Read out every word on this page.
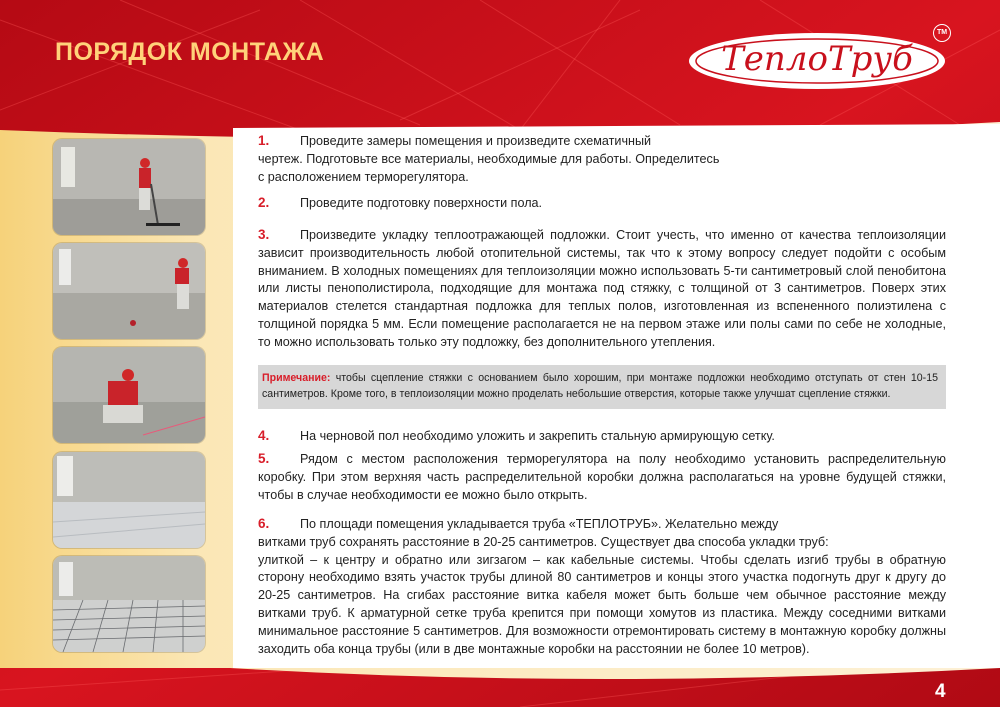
ПОРЯДОК МОНТАЖА	ТеплоТруб
TM
1. Проведите замеры помещения и произведите схематичный
чертеж. Подготовьте все материалы, необходимые для работы. Определитесь
с расположением терморегулятора.
2. Проведите подготовку поверхности пола.
3. Произведите укладку теплоотражающей подложки. Стоит учесть, что именно от качества теплоизоляции зависит производительность любой отопительной системы, так что к этому вопросу следует подойти с особым вниманием. В холодных помещениях для теплоизоляции можно использовать 5-ти сантиметровый слой пенобитона или листы пенополистирола, подходящие для монтажа под стяжку, с толщиной от 3 сантиметров. Поверх этих материалов стелется стандартная подложка для теплых полов, изготовленная из вспененного полиэтилена с толщиной порядка 5 мм. Если помещение располагается не на первом этаже или полы сами по себе не холодные, то можно использовать только эту подложку, без дополнительного утепления.
Примечание: чтобы сцепление стяжки с основанием было хорошим, при монтаже подложки необходимо отступать от стен 10-15 сантиметров. Кроме того, в теплоизоляции можно проделать небольшие отверстия, которые также улучшат сцепление стяжки.
4. На черновой пол необходимо уложить и закрепить стальную армирующую сетку.
5. Рядом с местом расположения терморегулятора на полу необходимо установить распределительную коробку. При этом верхняя часть распределительной коробки должна располагаться на уровне будущей стяжки, чтобы в случае необходимости ее можно было открыть.
6. По площади помещения укладывается труба «ТЕПЛОТРУБ». Желательно между
витками труб сохранять расстояние в 20-25 сантиметров. Существует два способа укладки труб:
улиткой – к центру и обратно или зигзагом – как кабельные системы. Чтобы сделать изгиб трубы в обратную сторону необходимо взять участок трубы длиной 80 сантиметров и концы этого участка подогнуть друг к другу до 20-25 сантиметров. На сгибах расстояние витка кабеля может быть больше чем обычное расстояние между витками труб. К арматурной сетке труба крепится при помощи хомутов из пластика. Между соседними витками минимальное расстояние 5 сантиметров. Для возможности отремонтировать систему в монтажную коробку должны заходить оба конца трубы (или в две монтажные коробки на расстоянии не более 10 метров).
4
